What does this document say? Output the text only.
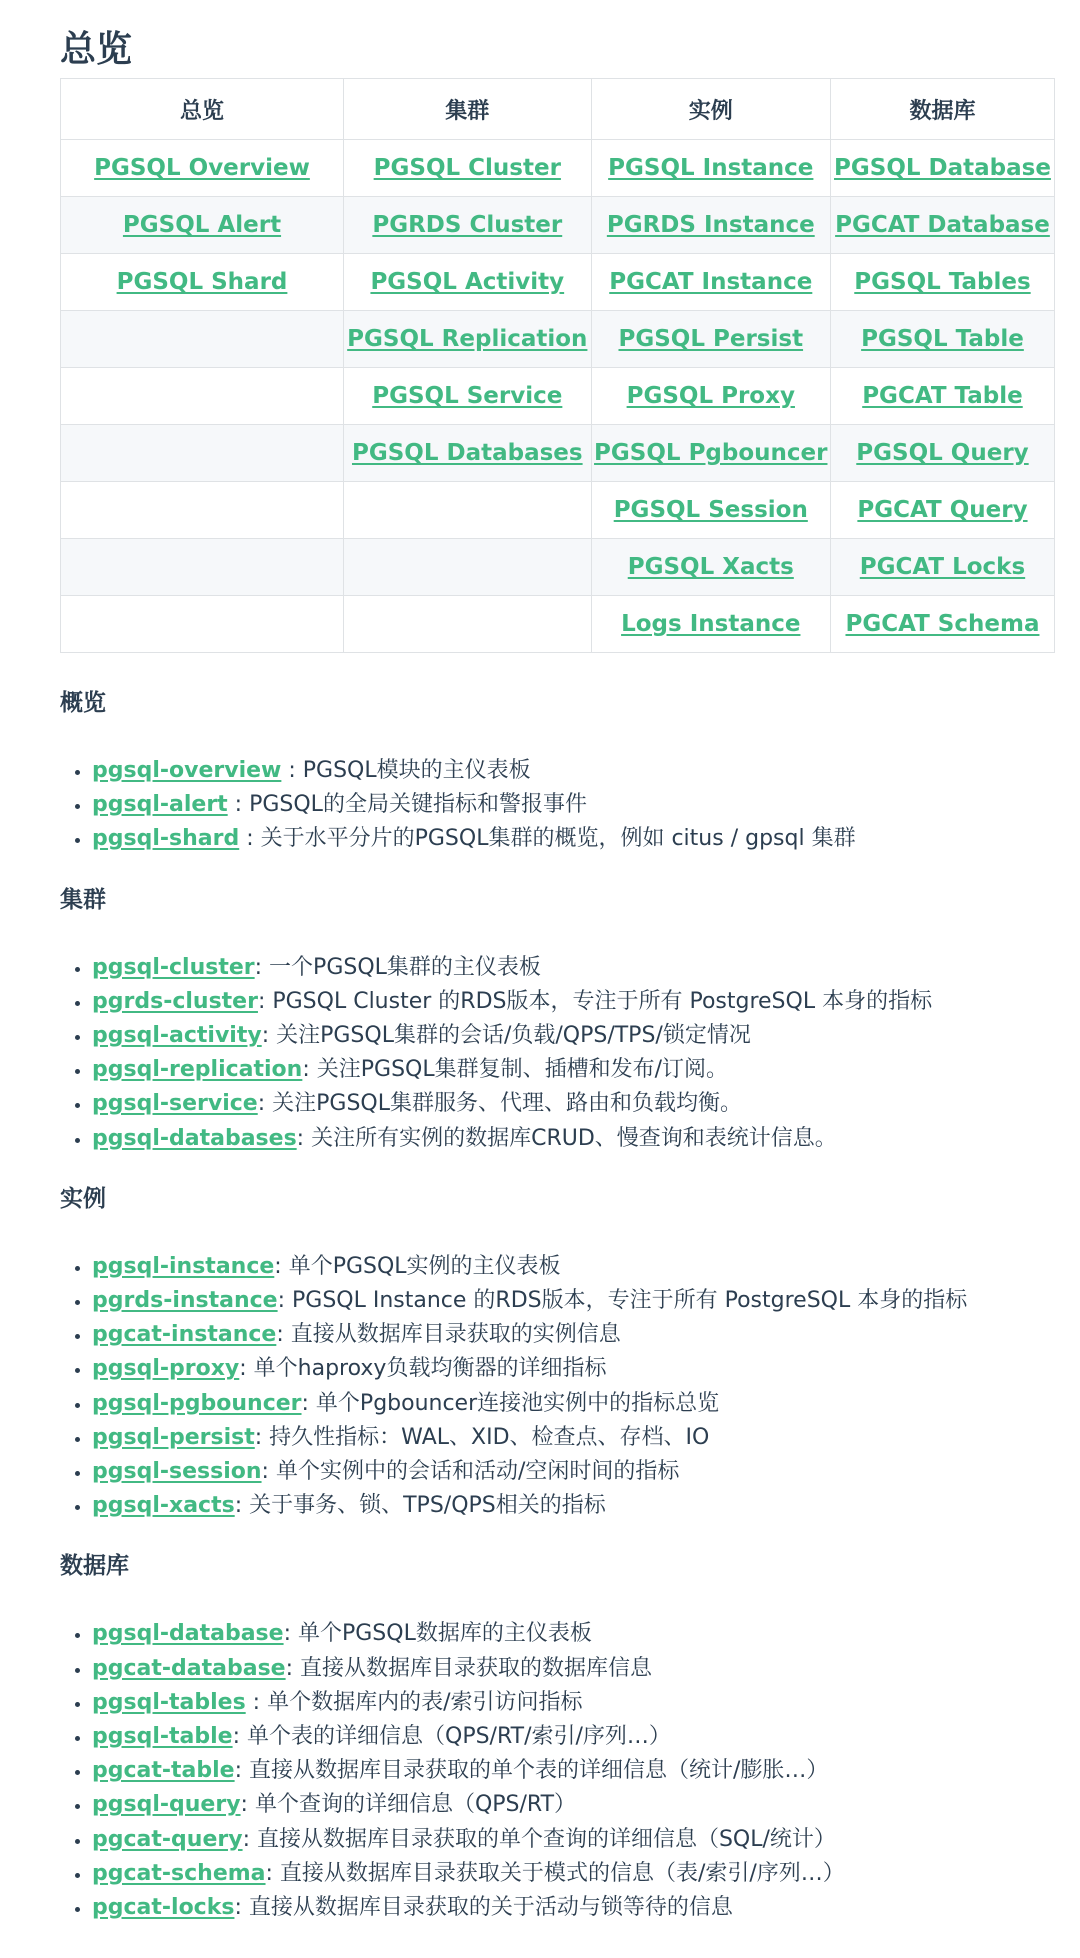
总览
总览	集群	实例	数据库
PGSQL Overview	PGSQL Cluster	PGSQL Instance	PGSQL Database
PGSQL Alert	PGRDS Cluster	PGRDS Instance	PGCAT Database
PGSQL Shard	PGSQL Activity	PGCAT Instance	PGSQL Tables
	PGSQL Replication	PGSQL Persist	PGSQL Table
	PGSQL Service	PGSQL Proxy	PGCAT Table
	PGSQL Databases	PGSQL Pgbouncer	PGSQL Query
		PGSQL Session	PGCAT Query
		PGSQL Xacts	PGCAT Locks
		Logs Instance	PGCAT Schema
概览
• pgsql-overview : PGSQL模块的主仪表板
• pgsql-alert : PGSQL的全局关键指标和警报事件
• pgsql-shard : 关于水平分片的PGSQL集群的概览，例如 citus / gpsql 集群
集群
• pgsql-cluster: 一个PGSQL集群的主仪表板
• pgrds-cluster: PGSQL Cluster 的RDS版本，专注于所有 PostgreSQL 本身的指标
• pgsql-activity: 关注PGSQL集群的会话/负载/QPS/TPS/锁定情况
• pgsql-replication: 关注PGSQL集群复制、插槽和发布/订阅。
• pgsql-service: 关注PGSQL集群服务、代理、路由和负载均衡。
• pgsql-databases: 关注所有实例的数据库CRUD、慢查询和表统计信息。
实例
• pgsql-instance: 单个PGSQL实例的主仪表板
• pgrds-instance: PGSQL Instance 的RDS版本，专注于所有 PostgreSQL 本身的指标
• pgcat-instance: 直接从数据库目录获取的实例信息
• pgsql-proxy: 单个haproxy负载均衡器的详细指标
• pgsql-pgbouncer: 单个Pgbouncer连接池实例中的指标总览
• pgsql-persist: 持久性指标：WAL、XID、检查点、存档、IO
• pgsql-session: 单个实例中的会话和活动/空闲时间的指标
• pgsql-xacts: 关于事务、锁、TPS/QPS相关的指标
数据库
• pgsql-database: 单个PGSQL数据库的主仪表板
• pgcat-database: 直接从数据库目录获取的数据库信息
• pgsql-tables : 单个数据库内的表/索引访问指标
• pgsql-table: 单个表的详细信息（QPS/RT/索引/序列…）
• pgcat-table: 直接从数据库目录获取的单个表的详细信息（统计/膨胀…）
• pgsql-query: 单个查询的详细信息（QPS/RT）
• pgcat-query: 直接从数据库目录获取的单个查询的详细信息（SQL/统计）
• pgcat-schema: 直接从数据库目录获取关于模式的信息（表/索引/序列…）
• pgcat-locks: 直接从数据库目录获取的关于活动与锁等待的信息
